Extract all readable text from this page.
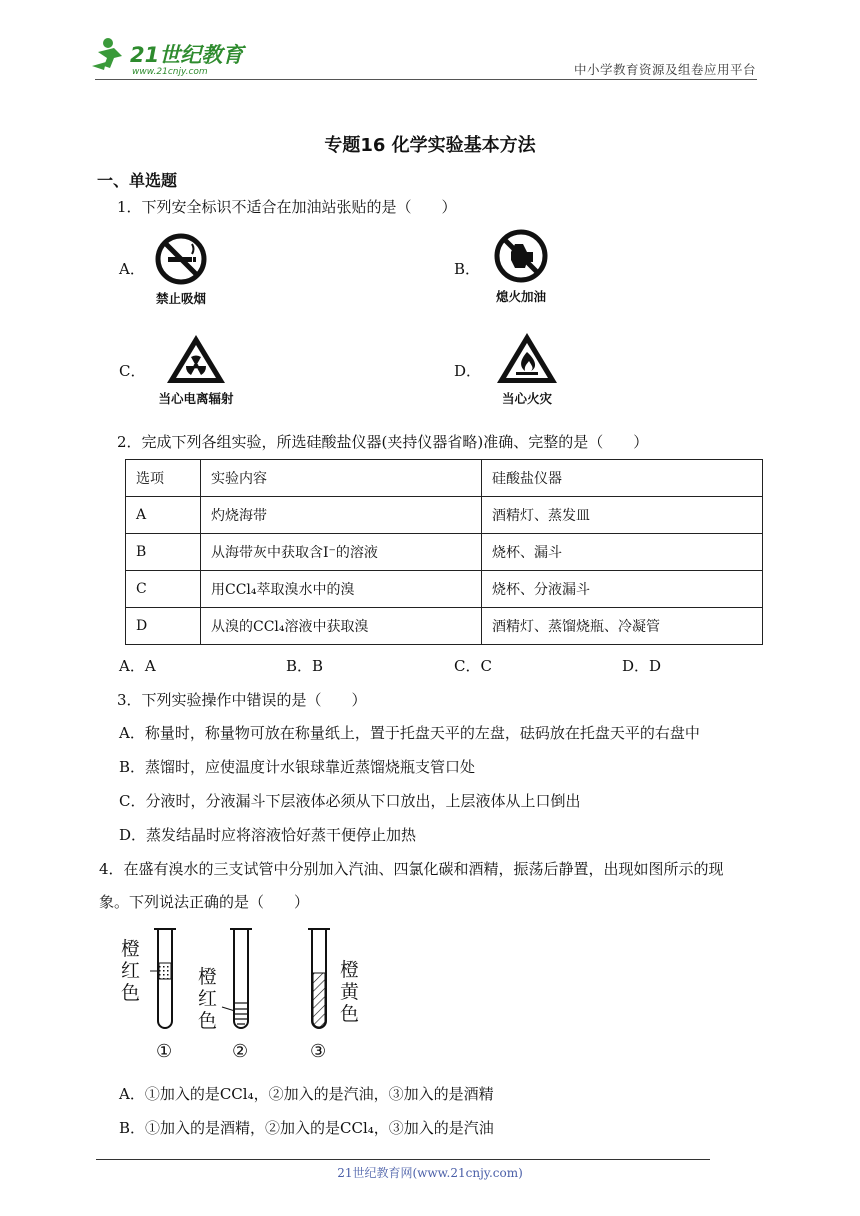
21世纪教育
www.21cnjy.com	中小学教育资源及组卷应用平台
专题16 化学实验基本方法
一、单选题
1．下列安全标识不适合在加油站张贴的是（　　）
A．
禁止吸烟
B．
熄火加油
C．
当心电离辐射
D．
当心火灾
2．完成下列各组实验，所选硅酸盐仪器(夹持仪器省略)准确、完整的是（　　）
选项	实验内容	硅酸盐仪器
A	灼烧海带	酒精灯、蒸发皿
B	从海带灰中获取含I⁻的溶液	烧杯、漏斗
C	用CCl₄萃取溴水中的溴	烧杯、分液漏斗
D	从溴的CCl₄溶液中获取溴	酒精灯、蒸馏烧瓶、冷凝管
A．A	B．B	C．C	D．D
3．下列实验操作中错误的是（　　）
A．称量时，称量物可放在称量纸上，置于托盘天平的左盘，砝码放在托盘天平的右盘中
B．蒸馏时，应使温度计水银球靠近蒸馏烧瓶支管口处
C．分液时，分液漏斗下层液体必须从下口放出，上层液体从上口倒出
D．蒸发结晶时应将溶液恰好蒸干便停止加热
4．在盛有溴水的三支试管中分别加入汽油、四氯化碳和酒精，振荡后静置，出现如图所示的现
象。下列说法正确的是（　　）
橙
红
色
橙
红
色
橙
黄
色
①	②	③
A．①加入的是CCl₄，②加入的是汽油，③加入的是酒精
B．①加入的是酒精，②加入的是CCl₄，③加入的是汽油
21世纪教育网(www.21cnjy.com)
